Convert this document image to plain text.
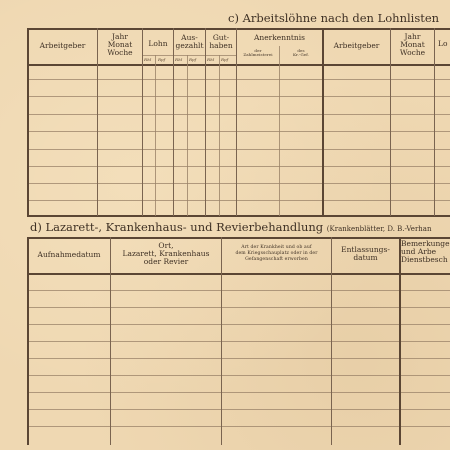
c) Arbeitslöhne nach den Lohnlisten
Arbeitgeber
Jahr
Monat
Woche
Lohn
Aus-
gezahlt
Gut-
haben
Anerkenntnis
der
Zahlmeisterei
des
Kr.-Gef.
Arbeitgeber
Jahr
Monat
Woche
Lo
RM Rpf RM Rpf	RM Rpf
d) Lazarett-, Krankenhaus- und Revierbehandlung (Krankenblätter, D. B.-Verhan
Aufnahmedatum
Ort,
Lazarett, Krankenhaus
oder Revier
Art der Krankheit und ob auf
dem Kriegsschauplatz oder in der
Gefangenschaft erworben
Entlassungs-
datum
Bemerkunge
und Arbe
Dienstbesch
